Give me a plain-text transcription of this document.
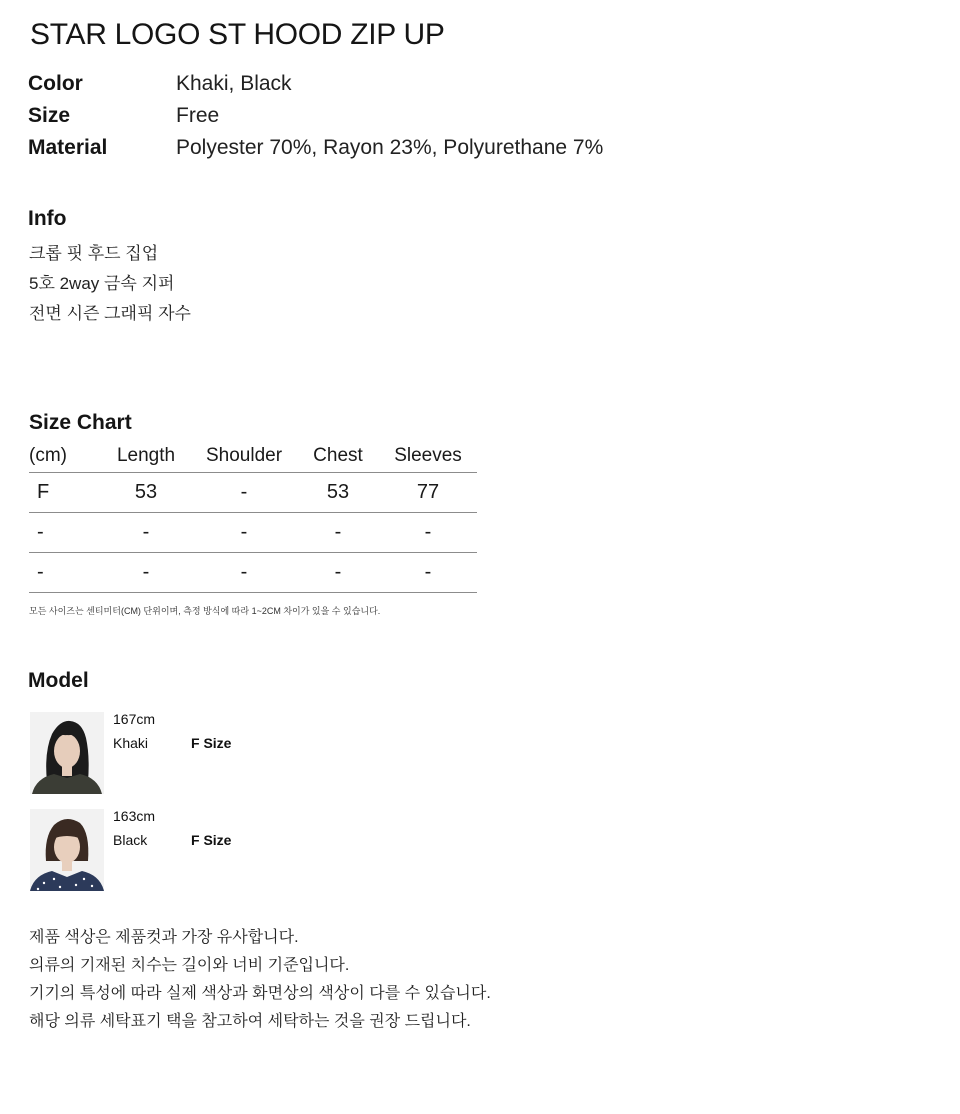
STAR LOGO ST HOOD ZIP UP
Color	Khaki, Black
Size	Free
Material	Polyester 70%, Rayon 23%, Polyurethane 7%
Info
크롭 핏 후드 집업
5호 2way 금속 지퍼
전면 시즌 그래픽 자수
Size Chart
(cm)	Length	Shoulder	Chest	Sleeves
F	53	-	53	77
-	-	-	-	-
-	-	-	-	-
모든 사이즈는 센티미터(CM) 단위이며, 측정 방식에 따라 1~2CM 차이가 있을 수 있습니다.
Model
167cm
Khaki	F Size
163cm
Black	F Size
제품 색상은 제품컷과 가장 유사합니다.
의류의 기재된 치수는 길이와 너비 기준입니다.
기기의 특성에 따라 실제 색상과 화면상의 색상이 다를 수 있습니다.
해당 의류 세탁표기 택을 참고하여 세탁하는 것을 권장 드립니다.
